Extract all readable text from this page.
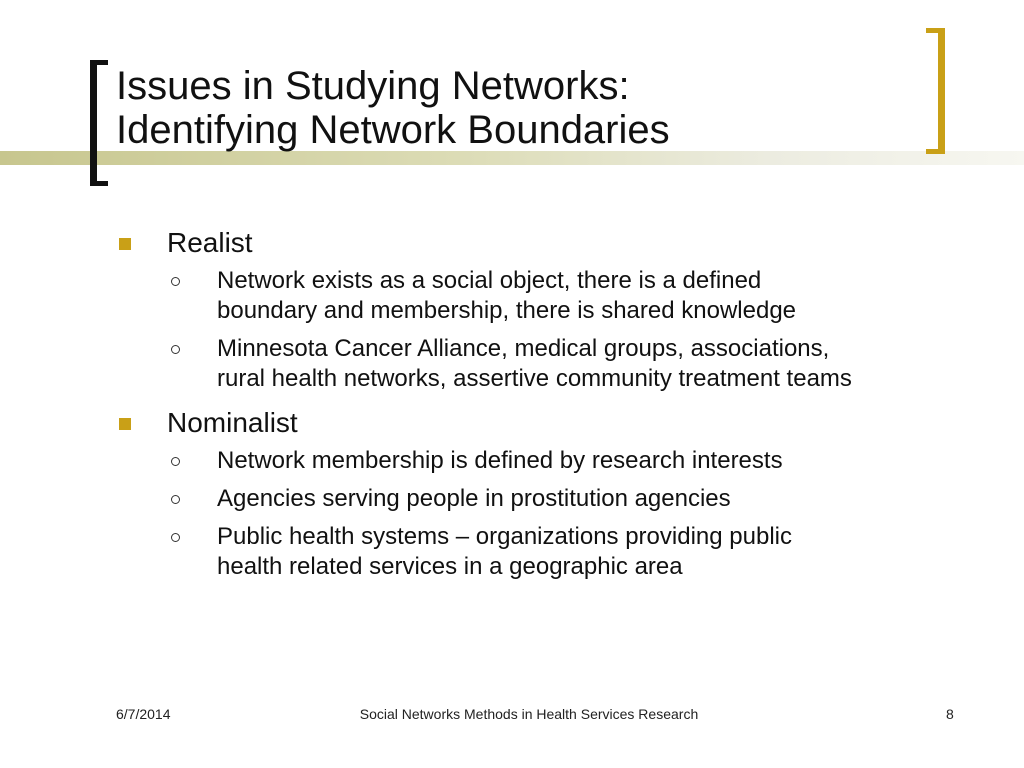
Issues in Studying Networks:
Identifying Network Boundaries
Realist
Network exists as a social object, there is a defined boundary and membership, there is shared knowledge
Minnesota Cancer Alliance, medical groups, associations, rural health networks, assertive community treatment teams
Nominalist
Network membership is defined by research interests
Agencies serving people in prostitution agencies
Public health systems – organizations providing public health related services in a geographic area
6/7/2014	Social Networks Methods in Health Services Research	8
